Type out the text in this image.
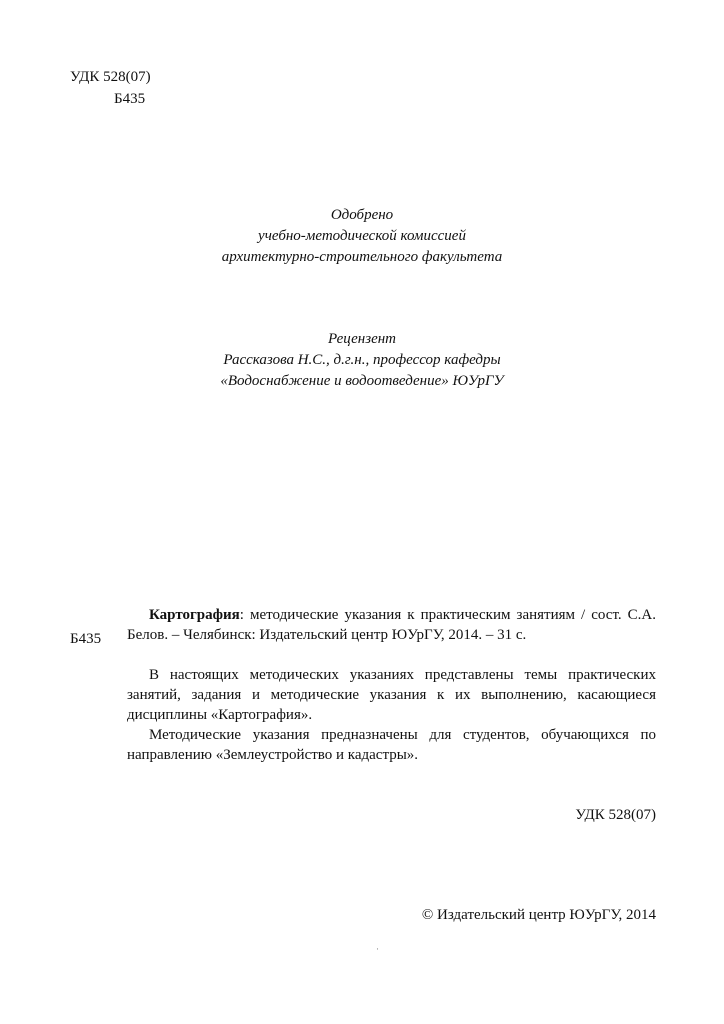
УДК 528(07)
Б435
Одобрено
учебно-методической комиссией
архитектурно-строительного факультета
Рецензент
Рассказова Н.С., д.г.н., профессор кафедры
«Водоснабжение и водоотведение» ЮУрГУ
Б435

Картография: методические указания к практическим занятиям / сост. С.А. Белов. – Челябинск: Издательский центр ЮУрГУ, 2014. – 31 с.

В настоящих методических указаниях представлены темы практических занятий, задания и методические указания к их выполнению, касающиеся дисциплины «Картография».

Методические указания предназначены для студентов, обучающихся по направлению «Землеустройство и кадастры».

УДК 528(07)
© Издательский центр ЮУрГУ, 2014
·
